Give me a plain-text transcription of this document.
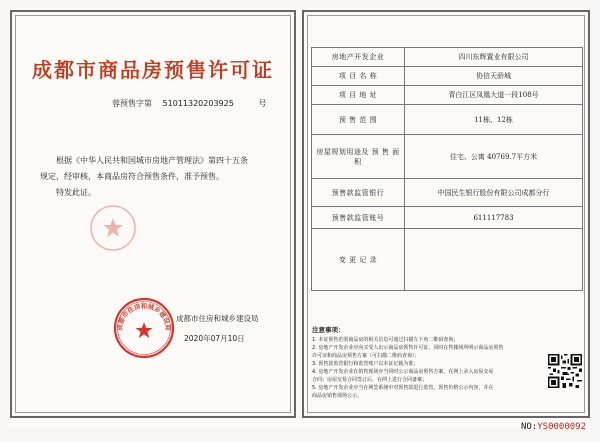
成都市商品房预售许可证
蓉预售字第 51011320203925	号

根据《中华人民共和国城市房地产管理法》第四十五条

规定，经审核，本商品房符合预售条件，准予预售。

特发此证。

成都市住房和城乡建设局
成都市住房和城乡建设局
2020年07月10日
房地产开发企业	四川东辉置业有限公司
项 目 名 称	协信天骄城
项 目 地 址	青白江区凤凰大道一段108号
预 售 范 围	11栋、12栋
房屋规划用途及 预 售 面 积	住宅、公寓 40769.7平方米
预售款监管银行	中国民生银行股份有限公司成都分行
预售款监管账号	611117783
变 更 记 录	
注意事项：
1. 本证预售范围商品房的相关信息可通过扫描左下角二维码查询；
2. 房地产开发企业应向买受人出示商品房预售许可证，同时在售楼场所明示商品房预售
许可证和商品房预售方案（可扫描二维码查询）；
3. 预售款监管银行和监管账户以本证记载为准；
4. 房地产开发企业在销售现场应当同时公示商品房预售方案，在网上录入房屋交易
合同；房屋交易合同签订后，在网上进行合同备案；
5. 房地产开发企业应当在网签系统中对预售款进行监管，预售价格公示内容，并在
商品房销售现场公示。
NO:YS0000092
